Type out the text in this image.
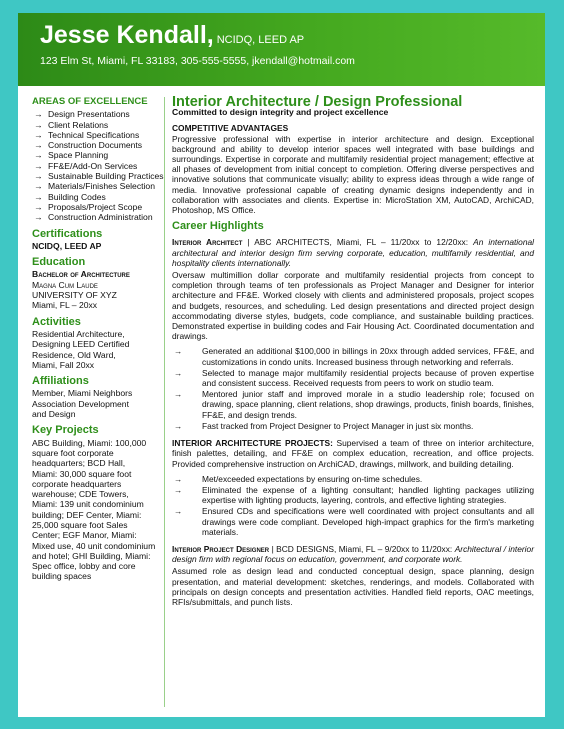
Jesse Kendall, NCIDQ, LEED AP
123 Elm St, Miami, FL 33183, 305-555-5555, jkendall@hotmail.com
AREAS OF EXCELLENCE
→ Design Presentations
→ Client Relations
→ Technical Specifications
→ Construction Documents
→ Space Planning
→ FF&E/Add-On Services
→ Sustainable Building Practices
→ Materials/Finishes Selection
→ Building Codes
→ Proposals/Project Scope
→ Construction Administration
Certifications
NCIDQ, LEED AP
Education
Bachelor of Architecture
Magna Cum Laude
UNIVERSITY OF XYZ
Miami, FL – 20xx
Activities
Residential Architecture,
Designing LEED Certified
Residence, Old Ward,
Miami, Fall 20xx
Affiliations
Member, Miami Neighbors
Association Development
and Design
Key Projects
ABC Building, Miami: 100,000
square foot corporate
headquarters; BCD Hall,
Miami: 30,000 square foot
corporate headquarters
warehouse; CDE Towers,
Miami: 139 unit condominium
building; DEF Center, Miami:
25,000 square foot Sales
Center; EGF Manor, Miami:
Mixed use, 40 unit condominium
and hotel; GHI Building, Miami:
Spec office, lobby and core
building spaces
Interior Architecture / Design Professional
Committed to design integrity and project excellence
COMPETITIVE ADVANTAGES

Progressive professional with expertise in interior architecture and design. Exceptional background and ability to develop interior spaces well integrated with base buildings and surroundings. Expertise in corporate and multifamily residential project management; effective at all phases of development from initial concept to completion. Offering diverse perspectives and innovative solutions that communicate visually; ability to express ideas through a wide range of media. Innovative professional capable of creating dynamic designs independently and in collaboration with associates and clients. Expertise in: MicroStation XM, AutoCAD, ArchiCAD, Photoshop, MS Office.

Career Highlights

Interior Architect | ABC ARCHITECTS, Miami, FL – 11/20xx to 12/20xx: An international architectural and interior design firm serving corporate, education, multifamily residential, and hospitality clients internationally.

Oversaw multimillion dollar corporate and multifamily residential projects from concept to completion through teams of ten professionals as Project Manager and Designer for interior architecture and FF&E. Worked closely with clients and administered proposals, project scopes and budgets, resources, and scheduling. Led design presentations and directed project design accommodating diverse styles, budgets, code compliance, and sustainable building practices. Demonstrated expertise in building codes and Fair Housing Act. Coordinated documentation and drawings.

→ Generated an additional $100,000 in billings in 20xx through added services, FF&E, and customizations in condo units. Increased business through networking and referrals.
→ Selected to manage major multifamily residential projects because of proven expertise and consistent success. Received requests from peers to work on studio team.
→ Mentored junior staff and improved morale in a studio leadership role; focused on drawing, space planning, client relations, shop drawings, products, finish boards, finishes, FF&E, and design trends.
→ Fast tracked from Project Designer to Project Manager in just six months.

INTERIOR ARCHITECTURE PROJECTS: Supervised a team of three on interior architecture, finish palettes, detailing, and FF&E on complex education, recreation, and office projects. Provided comprehensive instruction on ArchiCAD, drawings, millwork, and building detailing.

→ Met/exceeded expectations by ensuring on-time schedules.
→ Eliminated the expense of a lighting consultant; handled lighting packages utilizing expertise with lighting products, layering, controls, and effective lighting strategies.
→ Ensured CDs and specifications were well coordinated with project consultants and all drawings were code compliant. Developed high-impact graphics for the firm's marketing materials.

Interior Project Designer | BCD DESIGNS, Miami, FL – 9/20xx to 11/20xx: Architectural / interior design firm with regional focus on education, government, and corporate work.

Assumed role as design lead and conducted conceptual design, space planning, design presentation, and material development: sketches, renderings, and models. Collaborated with principals on design concepts and presentation activities. Handled field reports, OAC meetings, RFIs/submittals, and punch lists.
